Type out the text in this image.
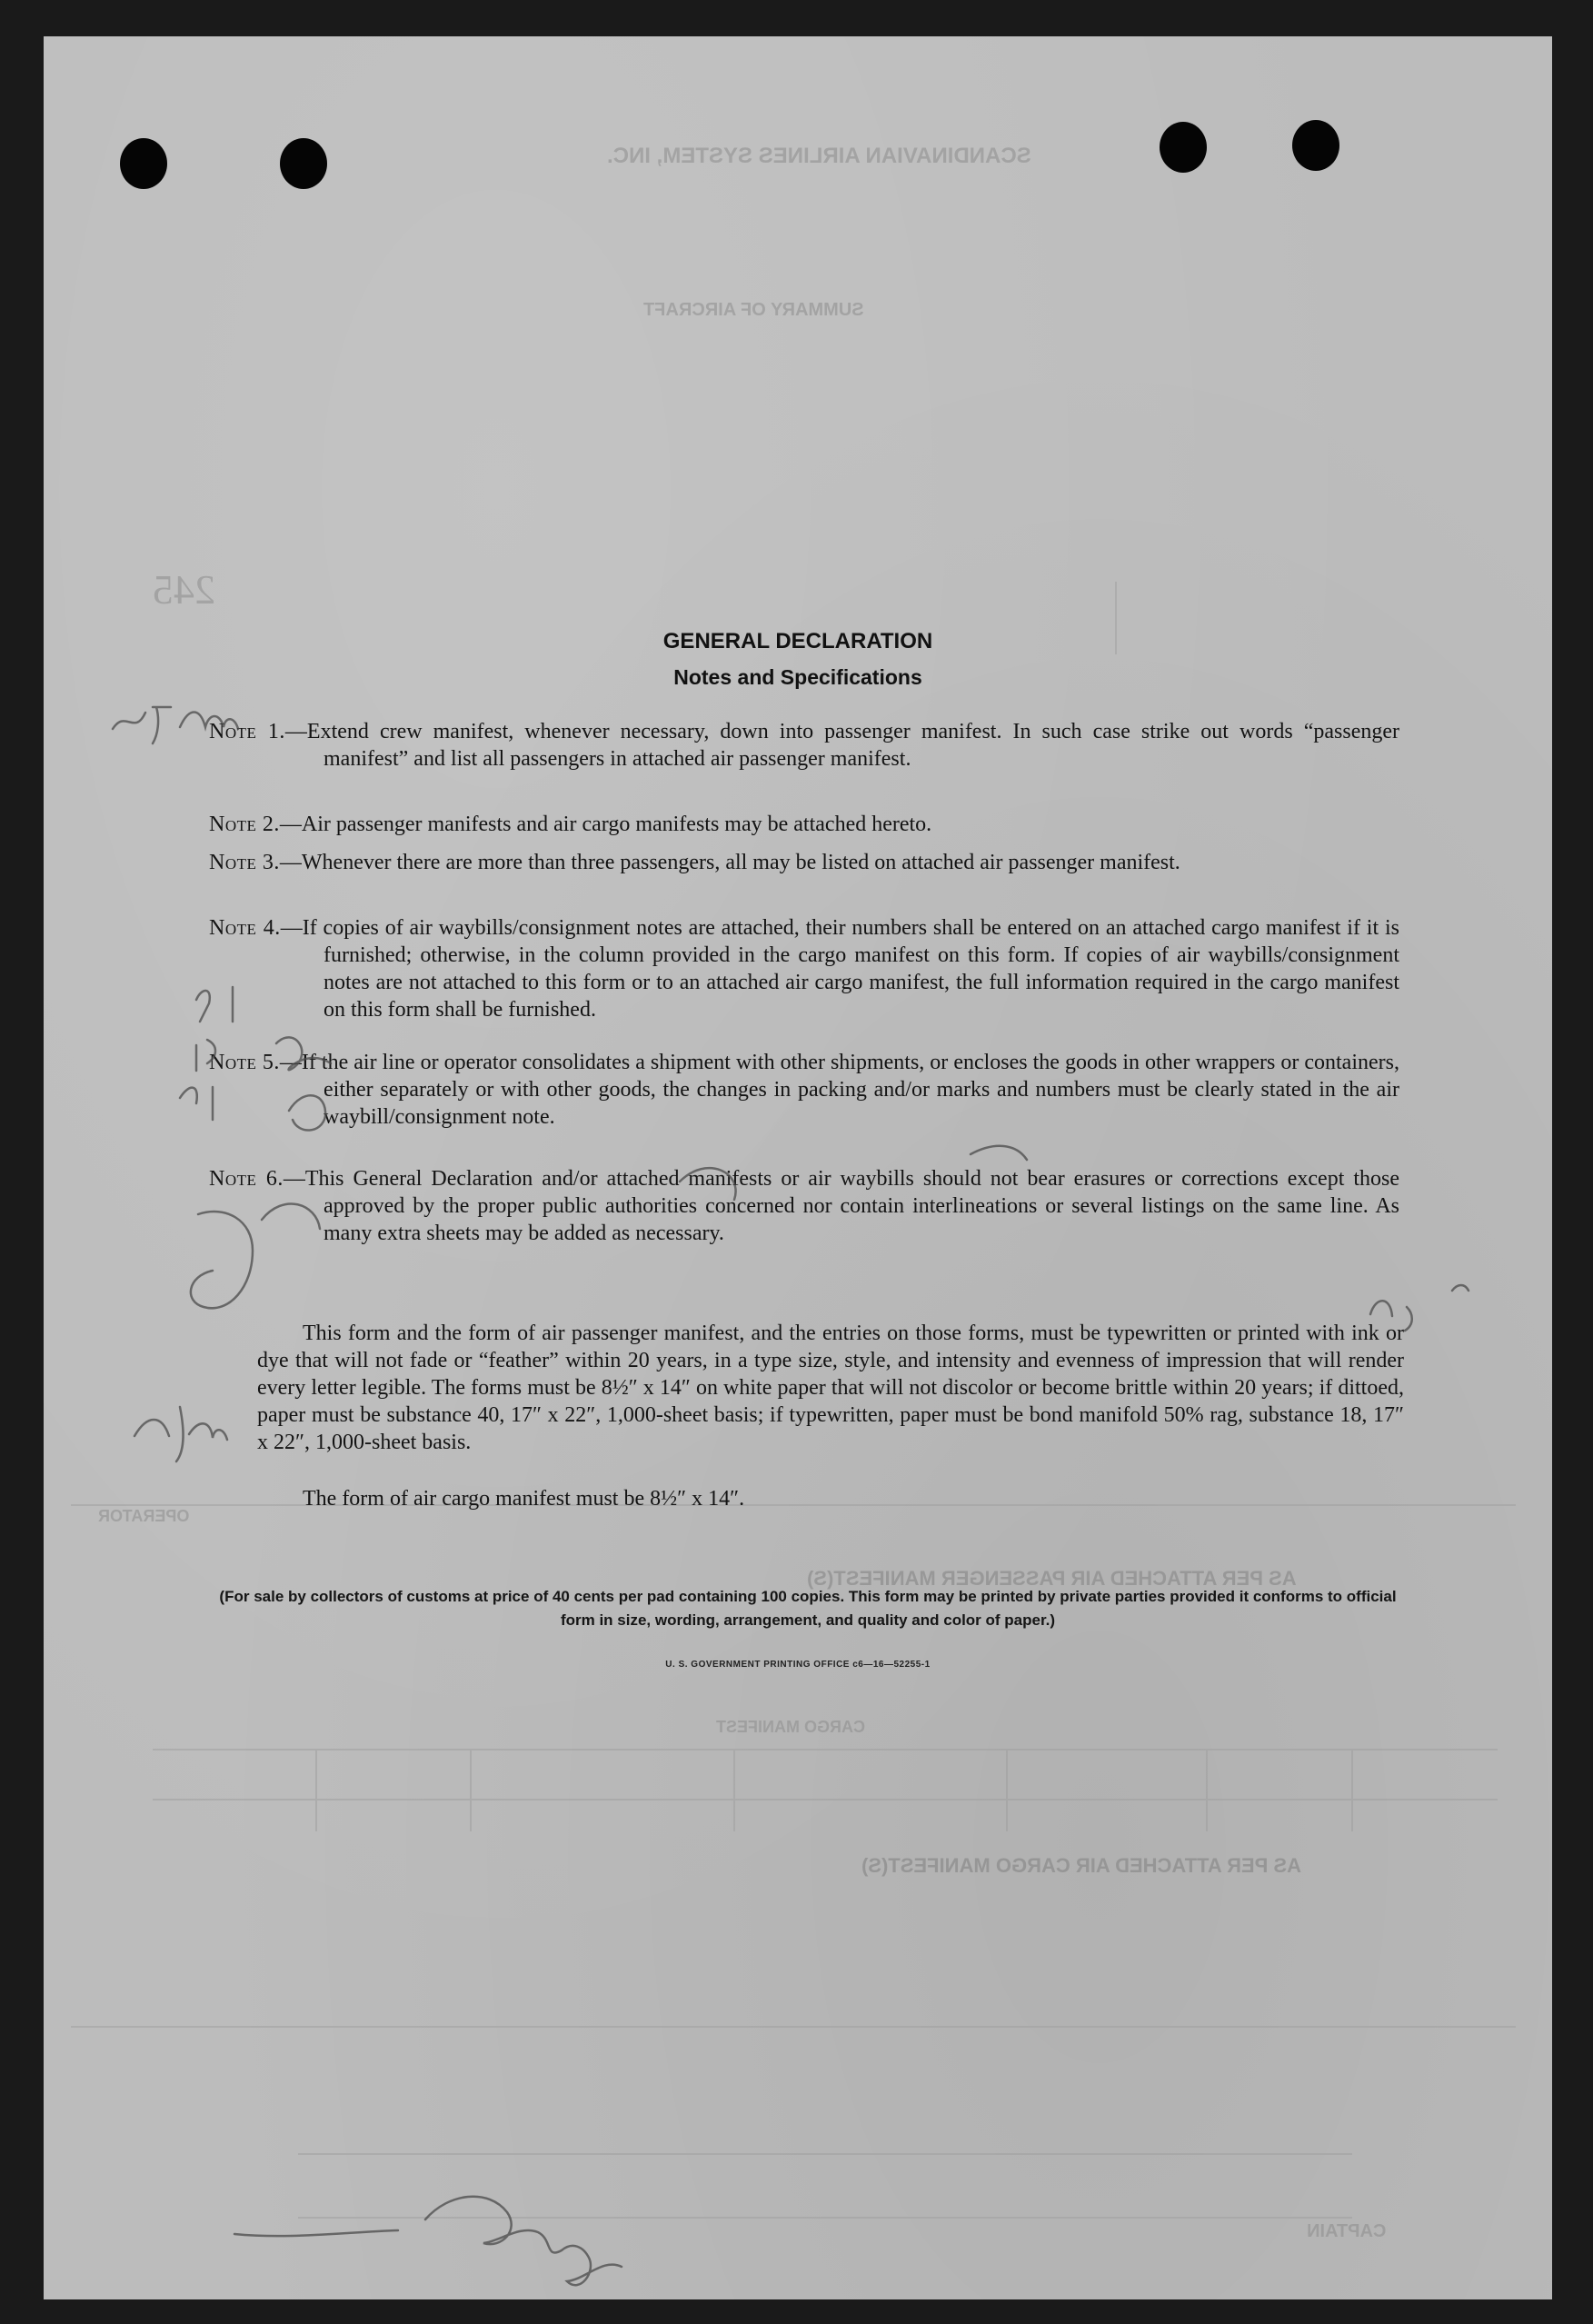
SCANDINAVIAN AIRLINES SYSTEM, INC.
SUMMARY OF AIRCRAFT
245
OPERATOR
AS PER ATTACHED AIR PASSENGER MANIFEST(S)
CARGO MANIFEST
AS PER ATTACHED AIR CARGO MANIFEST(S)
CAPTAIN
GENERAL DECLARATION
Notes and Specifications
Note 1.—Extend crew manifest, whenever necessary, down into passenger manifest. In such case strike out words “passenger manifest” and list all passengers in attached air passenger manifest.
Note 2.—Air passenger manifests and air cargo manifests may be attached hereto.
Note 3.—Whenever there are more than three passengers, all may be listed on attached air passenger manifest.
Note 4.—If copies of air waybills/consignment notes are attached, their numbers shall be entered on an attached cargo manifest if it is furnished; otherwise, in the column provided in the cargo manifest on this form. If copies of air waybills/consignment notes are not attached to this form or to an attached air cargo manifest, the full information required in the cargo manifest on this form shall be furnished.
Note 5.—If the air line or operator consolidates a shipment with other shipments, or encloses the goods in other wrappers or containers, either separately or with other goods, the changes in packing and/or marks and numbers must be clearly stated in the air waybill/consignment note.
Note 6.—This General Declaration and/or attached manifests or air waybills should not bear erasures or corrections except those approved by the proper public authorities concerned nor contain interlineations or several listings on the same line. As many extra sheets may be added as necessary.
This form and the form of air passenger manifest, and the entries on those forms, must be typewritten or printed with ink or dye that will not fade or “feather” within 20 years, in a type size, style, and intensity and evenness of impression that will render every letter legible. The forms must be 8½″ x 14″ on white paper that will not discolor or become brittle within 20 years; if dittoed, paper must be substance 40, 17″ x 22″, 1,000-sheet basis; if typewritten, paper must be bond manifold 50% rag, substance 18, 17″ x 22″, 1,000-sheet basis.
The form of air cargo manifest must be 8½″ x 14″.
(For sale by collectors of customs at price of 40 cents per pad containing 100 copies. This form may be printed by private parties provided it conforms to official form in size, wording, arrangement, and quality and color of paper.)
U. S. GOVERNMENT PRINTING OFFICE c6—16—52255-1
